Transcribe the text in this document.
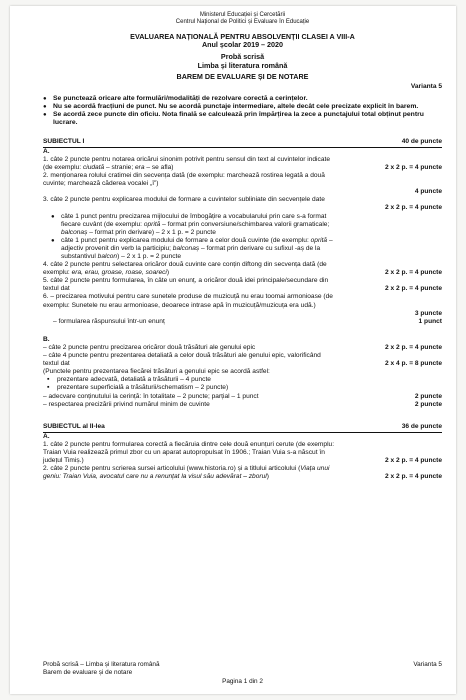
Ministerul Educației și Cercetării
Centrul Național de Politici și Evaluare în Educație
EVALUAREA NAȚIONALĂ PENTRU ABSOLVENȚII CLASEI A VIII-A
Anul școlar 2019 – 2020
Probă scrisă
Limba și literatura română
BAREM DE EVALUARE ȘI DE NOTARE
Varianta 5
● Se punctează oricare alte formulări/modalități de rezolvare corectă a cerințelor.
● Nu se acordă fracțiuni de punct. Nu se acordă punctaje intermediare, altele decât cele precizate explicit în barem.
● Se acordă zece puncte din oficiu. Nota finală se calculează prin împărțirea la zece a punctajului total obținut pentru lucrare.
SUBIECTUL I	40 de puncte
A.
1. câte 2 puncte pentru notarea oricărui sinonim potrivit pentru sensul din text al cuvintelor indicate
(de exemplu: ciudată – stranie; era – se afla)	2 x 2 p. = 4 puncte
2. menționarea rolului cratimei din secvența dată (de exemplu: marchează rostirea legată a două
cuvinte; marchează căderea vocalei „î”)
4 puncte
3. câte 2 puncte pentru explicarea modului de formare a cuvintelor subliniate din secvențele date
2 x 2 p. = 4 puncte
● câte 1 punct pentru precizarea mijlocului de îmbogățire a vocabularului prin care s-a format
fiecare cuvânt (de exemplu: oprită – format prin conversiune/schimbarea valorii gramaticale;
balconaș – format prin derivare) – 2 x 1 p. = 2 puncte
● câte 1 punct pentru explicarea modului de formare a celor două cuvinte (de exemplu: oprită –
adjectiv provenit din verb la participiu; balconaș – format prin derivare cu sufixul -aș de la
substantivul balcon) – 2 x 1 p. = 2 puncte
4. câte 2 puncte pentru selectarea oricăror două cuvinte care conțin diftong din secvența dată (de
exemplu: era, erau, groase, roase, soareci)	2 x 2 p. = 4 puncte
5. câte 2 puncte pentru formularea, în câte un enunț, a oricăror două idei principale/secundare din
textul dat	2 x 2 p. = 4 puncte
6. – precizarea motivului pentru care sunetele produse de muzicuță nu erau toomai armonioase (de
exemplu: Sunetele nu erau armonioase, deoarece intrase apă în muzicuță/muzicuța era udă.)
3 puncte
– formularea răspunsului într-un enunț	1 punct
B.
– câte 2 puncte pentru precizarea oricăror două trăsături ale genului epic	2 x 2 p. = 4 puncte
– câte 4 puncte pentru prezentarea detaliată a celor două trăsături ale genului epic, valorificând
textul dat	2 x 4 p. = 8 puncte
(Punctele pentru prezentarea fiecărei trăsături a genului epic se acordă astfel:
▪ prezentare adecvată, detaliată a trăsăturii – 4 puncte
▪ prezentare superficială a trăsăturii/schematism – 2 puncte)
– adecvare conținutului la cerință: în totalitate – 2 puncte; parțial – 1 punct	2 puncte
– respectarea precizării privind numărul minim de cuvinte	2 puncte
SUBIECTUL al II-lea	36 de puncte
A.
1. câte 2 puncte pentru formularea corectă a fiecăruia dintre cele două enunțuri cerute (de exemplu:
Traian Vuia realizează primul zbor cu un aparat autopropulsat în 1906.; Traian Vuia s-a născut în
județul Timiș.)	2 x 2 p. = 4 puncte
2. câte 2 puncte pentru scrierea sursei articolului (www.historia.ro) și a titlului articolului (Viața unui
geniu: Traian Vuia, avocatul care nu a renunțat la visul său adevărat – zborul)	2 x 2 p. = 4 puncte
Probă scrisă – Limba și literatura română	Varianta 5
Barem de evaluare și de notare
Pagina 1 din 2
